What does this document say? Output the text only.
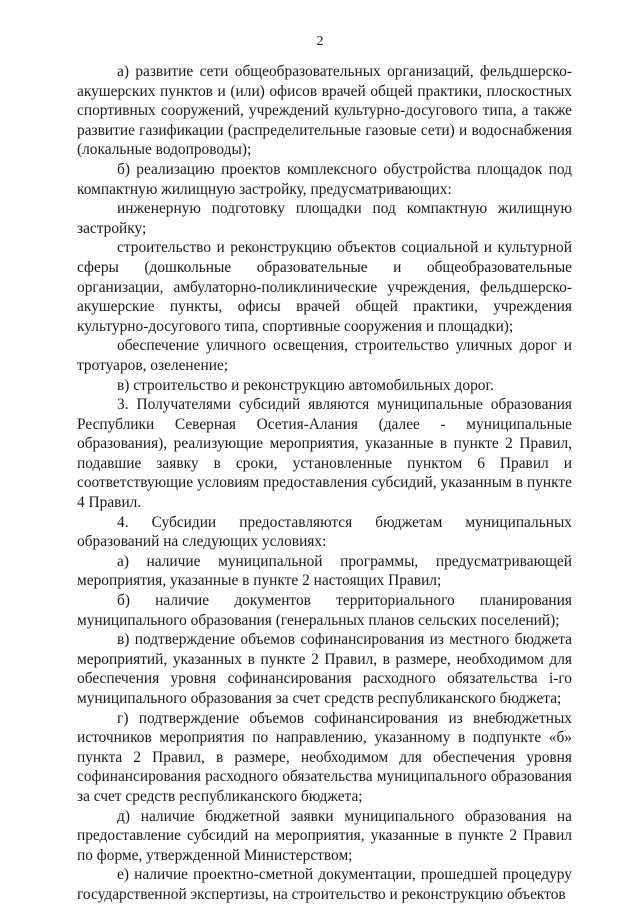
2

а) развитие сети общеобразовательных организаций, фельдшерско-акушерских пунктов и (или) офисов врачей общей практики, плоскостных спортивных сооружений, учреждений культурно-досугового типа, а также развитие газификации (распределительные газовые сети) и водоснабжения (локальные водопроводы);

б) реализацию проектов комплексного обустройства площадок под компактную жилищную застройку, предусматривающих:

инженерную подготовку площадки под компактную жилищную застройку;

строительство и реконструкцию объектов социальной и культурной сферы (дошкольные образовательные и общеобразовательные организации, амбулаторно-поликлинические учреждения, фельдшерско-акушерские пункты, офисы врачей общей практики, учреждения культурно-досугового типа, спортивные сооружения и площадки);

обеспечение уличного освещения, строительство уличных дорог и тротуаров, озеленение;

в) строительство и реконструкцию автомобильных дорог.

3. Получателями субсидий являются муниципальные образования Республики Северная Осетия-Алания (далее - муниципальные образования), реализующие мероприятия, указанные в пункте 2 Правил, подавшие заявку в сроки, установленные пунктом 6 Правил и соответствующие условиям предоставления субсидий, указанным в пункте 4 Правил.

4. Субсидии предоставляются бюджетам муниципальных образований на следующих условиях:

а) наличие муниципальной программы, предусматривающей мероприятия, указанные в пункте 2 настоящих Правил;

б) наличие документов территориального планирования муниципального образования (генеральных планов сельских поселений);

в) подтверждение объемов софинансирования из местного бюджета мероприятий, указанных в пункте 2 Правил, в размере, необходимом для обеспечения уровня софинансирования расходного обязательства i-го муниципального образования за счет средств республиканского бюджета;

г) подтверждение объемов софинансирования из внебюджетных источников мероприятия по направлению, указанному в подпункте «б» пункта 2 Правил, в размере, необходимом для обеспечения уровня софинансирования расходного обязательства муниципального образования за счет средств республиканского бюджета;

д) наличие бюджетной заявки муниципального образования на предоставление субсидий на мероприятия, указанные в пункте 2 Правил по форме, утвержденной Министерством;

е) наличие проектно-сметной документации, прошедшей процедуру государственной экспертизы, на строительство и реконструкцию объектов
